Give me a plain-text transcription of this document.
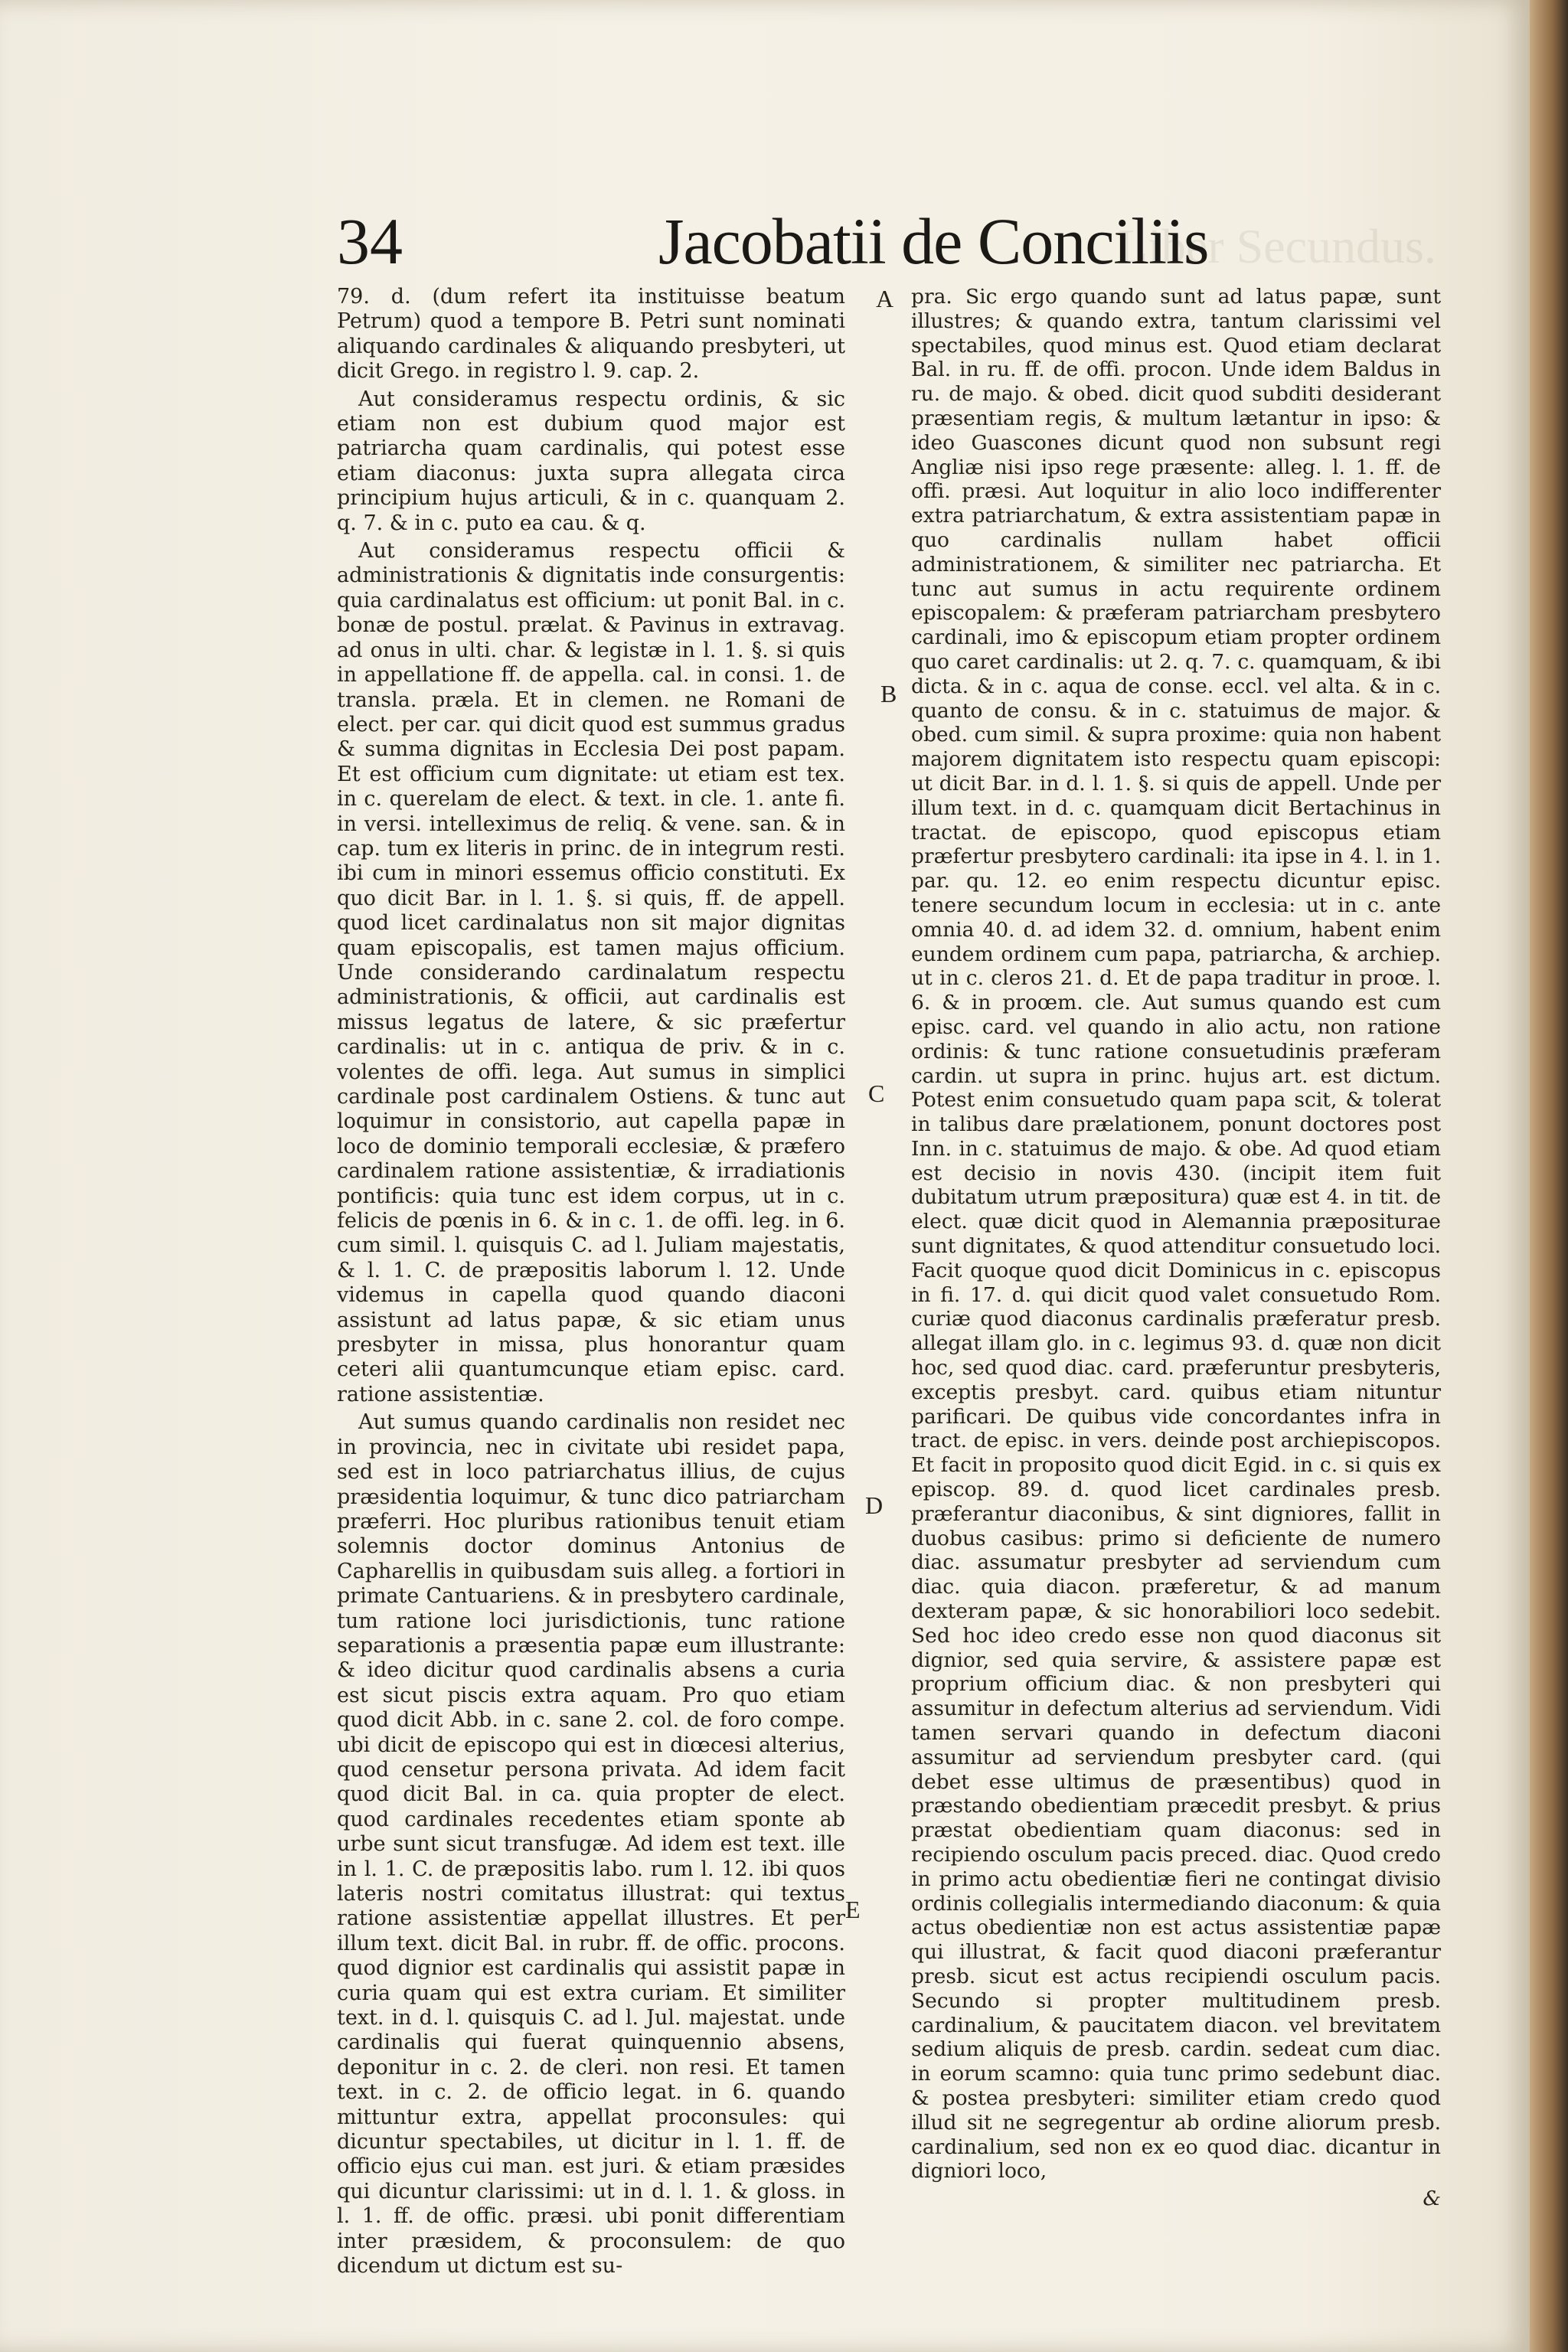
Liber Secundus.
34	Jacobatii de Conciliis

79. d. (dum refert ita instituisse beatum Petrum) quod a tempore B. Petri sunt nominati aliquando cardinales & aliquando presbyteri, ut dicit Grego. in registro l. 9. cap. 2.

Aut consideramus respectu ordinis, & sic etiam non est dubium quod major est patriarcha quam cardinalis, qui potest esse etiam diaconus: juxta supra allegata circa principium hujus articuli, & in c. quanquam 2. q. 7. & in c. puto ea cau. & q.

Aut consideramus respectu officii & administrationis & dignitatis inde consurgentis: quia cardinalatus est officium: ut ponit Bal. in c. bonæ de postul. prælat. & Pavinus in extravag. ad onus in ulti. char. & legistæ in l. 1. §. si quis in appellatione ff. de appella. cal. in consi. 1. de transla. præla. Et in clemen. ne Romani de elect. per car. qui dicit quod est summus gradus & summa dignitas in Ecclesia Dei post papam. Et est officium cum dignitate: ut etiam est tex. in c. querelam de elect. & text. in cle. 1. ante fi. in versi. intelleximus de reliq. & vene. san. & in cap. tum ex literis in princ. de in integrum resti. ibi cum in minori essemus officio constituti. Ex quo dicit Bar. in l. 1. §. si quis, ff. de appell. quod licet cardinalatus non sit major dignitas quam episcopalis, est tamen majus officium. Unde considerando cardinalatum respectu administrationis, & officii, aut cardinalis est missus legatus de latere, & sic præfertur cardinalis: ut in c. antiqua de priv. & in c. volentes de offi. lega. Aut sumus in simplici cardinale post cardinalem Ostiens. & tunc aut loquimur in consistorio, aut capella papæ in loco de dominio temporali ecclesiæ, & præfero cardinalem ratione assistentiæ, & irradiationis pontificis: quia tunc est idem corpus, ut in c. felicis de pœnis in 6. & in c. 1. de offi. leg. in 6. cum simil. l. quisquis C. ad l. Juliam majestatis, & l. 1. C. de præpositis laborum l. 12. Unde videmus in capella quod quando diaconi assistunt ad latus papæ, & sic etiam unus presbyter in missa, plus honorantur quam ceteri alii quantumcunque etiam episc. card. ratione assistentiæ.

Aut sumus quando cardinalis non residet nec in provincia, nec in civitate ubi residet papa, sed est in loco patriarchatus illius, de cujus præsidentia loquimur, & tunc dico patriarcham præferri. Hoc pluribus rationibus tenuit etiam solemnis doctor dominus Antonius de Capharellis in quibusdam suis alleg. a fortiori in primate Cantuariens. & in presbytero cardinale, tum ratione loci jurisdictionis, tunc ratione separationis a præsentia papæ eum illustrante: & ideo dicitur quod cardinalis absens a curia est sicut piscis extra aquam. Pro quo etiam quod dicit Abb. in c. sane 2. col. de foro compe. ubi dicit de episcopo qui est in diœcesi alterius, quod censetur persona privata. Ad idem facit quod dicit Bal. in ca. quia propter de elect. quod cardinales recedentes etiam sponte ab urbe sunt sicut transfugæ. Ad idem est text. ille in l. 1. C. de præpositis labo. rum l. 12. ibi quos lateris nostri comitatus illustrat: qui textus ratione assistentiæ appellat illustres. Et per illum text. dicit Bal. in rubr. ff. de offic. procons. quod dignior est cardinalis qui assistit papæ in curia quam qui est extra curiam. Et similiter text. in d. l. quisquis C. ad l. Jul. majestat. unde cardinalis qui fuerat quinquennio absens, deponitur in c. 2. de cleri. non resi. Et tamen text. in c. 2. de officio legat. in 6. quando mittuntur extra, appellat proconsules: qui dicuntur spectabiles, ut dicitur in l. 1. ff. de officio ejus cui man. est juri. & etiam præsides qui dicuntur clarissimi: ut in d. l. 1. & gloss. in l. 1. ff. de offic. præsi. ubi ponit differentiam inter præsidem, & proconsulem: de quo dicendum ut dictum est su-

A
B
C
D
E

pra. Sic ergo quando sunt ad latus papæ, sunt illustres; & quando extra, tantum clarissimi vel spectabiles, quod minus est. Quod etiam declarat Bal. in ru. ff. de offi. procon. Unde idem Baldus in ru. de majo. & obed. dicit quod subditi desiderant præsentiam regis, & multum lætantur in ipso: & ideo Guascones dicunt quod non subsunt regi Angliæ nisi ipso rege præsente: alleg. l. 1. ff. de offi. præsi. Aut loquitur in alio loco indifferenter extra patriarchatum, & extra assistentiam papæ in quo cardinalis nullam habet officii administrationem, & similiter nec patriarcha. Et tunc aut sumus in actu requirente ordinem episcopalem: & præferam patriarcham presbytero cardinali, imo & episcopum etiam propter ordinem quo caret cardinalis: ut 2. q. 7. c. quamquam, & ibi dicta. & in c. aqua de conse. eccl. vel alta. & in c. quanto de consu. & in c. statuimus de major. & obed. cum simil. & supra proxime: quia non habent majorem dignitatem isto respectu quam episcopi: ut dicit Bar. in d. l. 1. §. si quis de appell. Unde per illum text. in d. c. quamquam dicit Bertachinus in tractat. de episcopo, quod episcopus etiam præfertur presbytero cardinali: ita ipse in 4. l. in 1. par. qu. 12. eo enim respectu dicuntur episc. tenere secundum locum in ecclesia: ut in c. ante omnia 40. d. ad idem 32. d. omnium, habent enim eundem ordinem cum papa, patriarcha, & archiep. ut in c. cleros 21. d. Et de papa traditur in proœ. l. 6. & in proœm. cle. Aut sumus quando est cum episc. card. vel quando in alio actu, non ratione ordinis: & tunc ratione consuetudinis præferam cardin. ut supra in princ. hujus art. est dictum. Potest enim consuetudo quam papa scit, & tolerat in talibus dare prælationem, ponunt doctores post Inn. in c. statuimus de majo. & obe. Ad quod etiam est decisio in novis 430. (incipit item fuit dubitatum utrum præpositura) quæ est 4. in tit. de elect. quæ dicit quod in Alemannia præpositurae sunt dignitates, & quod attenditur consuetudo loci. Facit quoque quod dicit Dominicus in c. episcopus in fi. 17. d. qui dicit quod valet consuetudo Rom. curiæ quod diaconus cardinalis præferatur presb. allegat illam glo. in c. legimus 93. d. quæ non dicit hoc, sed quod diac. card. præferuntur presbyteris, exceptis presbyt. card. quibus etiam nituntur parificari. De quibus vide concordantes infra in tract. de episc. in vers. deinde post archiepiscopos. Et facit in proposito quod dicit Egid. in c. si quis ex episcop. 89. d. quod licet cardinales presb. præferantur diaconibus, & sint digniores, fallit in duobus casibus: primo si deficiente de numero diac. assumatur presbyter ad serviendum cum diac. quia diacon. præferetur, & ad manum dexteram papæ, & sic honorabiliori loco sedebit. Sed hoc ideo credo esse non quod diaconus sit dignior, sed quia servire, & assistere papæ est proprium officium diac. & non presbyteri qui assumitur in defectum alterius ad serviendum. Vidi tamen servari quando in defectum diaconi assumitur ad serviendum presbyter card. (qui debet esse ultimus de præsentibus) quod in præstando obedientiam præcedit presbyt. & prius præstat obedientiam quam diaconus: sed in recipiendo osculum pacis preced. diac. Quod credo in primo actu obedientiæ fieri ne contingat divisio ordinis collegialis intermediando diaconum: & quia actus obedientiæ non est actus assistentiæ papæ qui illustrat, & facit quod diaconi præferantur presb. sicut est actus recipiendi osculum pacis. Secundo si propter multitudinem presb. cardinalium, & paucitatem diacon. vel brevitatem sedium aliquis de presb. cardin. sedeat cum diac. in eorum scamno: quia tunc primo sedebunt diac. & postea presbyteri: similiter etiam credo quod illud sit ne segregentur ab ordine aliorum presb. cardinalium, sed non ex eo quod diac. dicantur in digniori loco,

&
